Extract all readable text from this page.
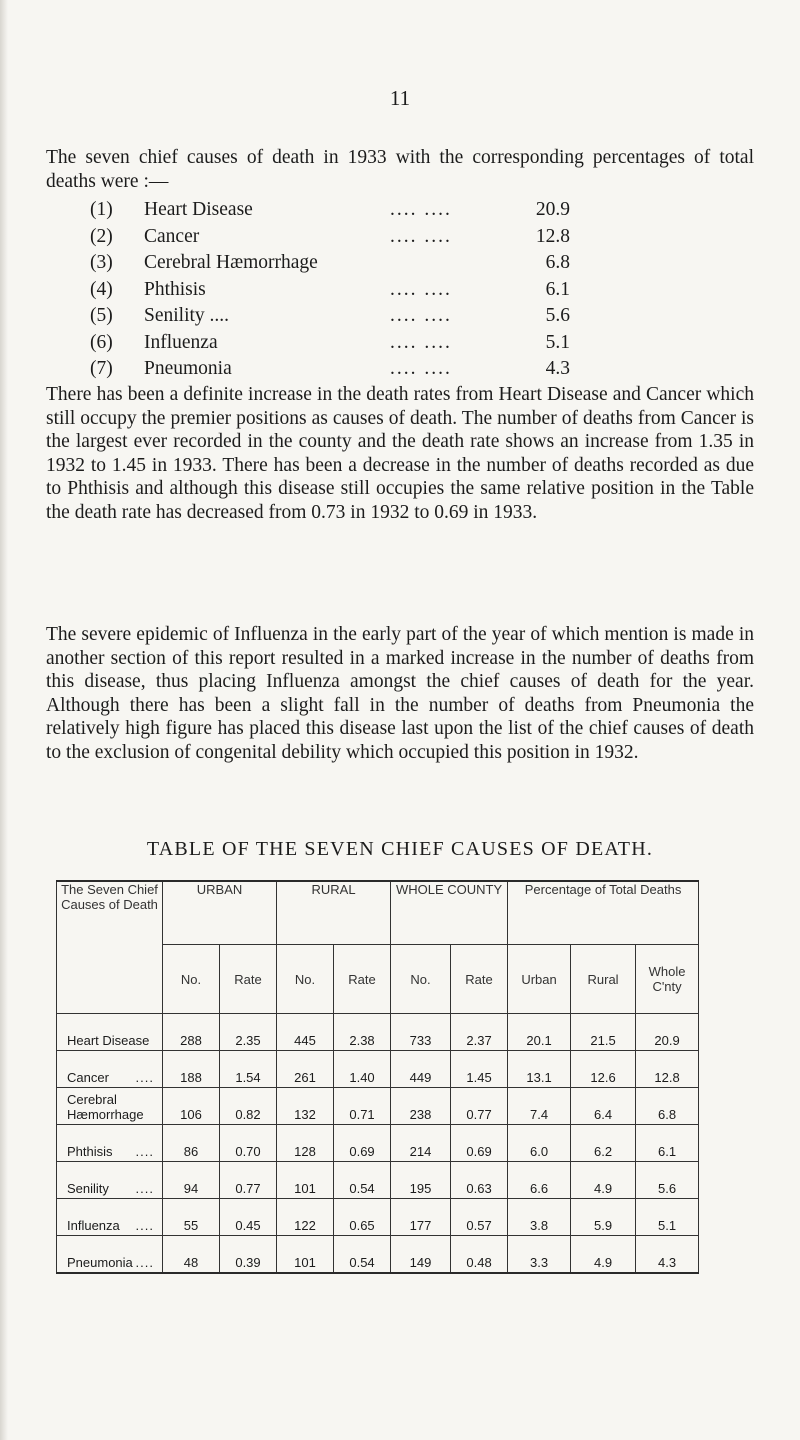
11

The seven chief causes of death in 1933 with the corresponding percentages of total deaths were :—

(1) Heart Disease	.... ....	20.9
(2) Cancer	.... ....	12.8
(3) Cerebral Hæmorrhage	6.8
(4) Phthisis	.... ....	6.1
(5) Senility ....	.... ....	5.6
(6) Influenza	.... ....	5.1
(7) Pneumonia	.... ....	4.3

There has been a definite increase in the death rates from Heart Disease and Cancer which still occupy the premier positions as causes of death. The number of deaths from Cancer is the largest ever recorded in the county and the death rate shows an increase from 1.35 in 1932 to 1.45 in 1933. There has been a decrease in the number of deaths recorded as due to Phthisis and although this disease still occupies the same relative position in the Table the death rate has decreased from 0.73 in 1932 to 0.69 in 1933.

The severe epidemic of Influenza in the early part of the year of which mention is made in another section of this report resulted in a marked increase in the number of deaths from this disease, thus placing Influenza amongst the chief causes of death for the year. Although there has been a slight fall in the number of deaths from Pneumonia the relatively high figure has placed this disease last upon the list of the chief causes of death to the exclusion of congenital debility which occupied this position in 1932.

TABLE OF THE SEVEN CHIEF CAUSES OF DEATH.
The Seven Chief Causes of Death	URBAN		RURAL		WHOLE COUNTY		Percentage of Total Deaths		
	No.	Rate	No.	Rate	No.	Rate	Urban	Rural	Whole C'nty
Heart Disease	288	2.35	445	2.38	733	2.37	20.1	21.5	20.9
Cancer ....	188	1.54	261	1.40	449	1.45	13.1	12.6	12.8
Cerebral Hæmorrhage	106	0.82	132	0.71	238	0.77	7.4	6.4	6.8
Phthisis ....	86	0.70	128	0.69	214	0.69	6.0	6.2	6.1
Senility ....	94	0.77	101	0.54	195	0.63	6.6	4.9	5.6
Influenza ....	55	0.45	122	0.65	177	0.57	3.8	5.9	5.1
Pneumonia ....	48	0.39	101	0.54	149	0.48	3.3	4.9	4.3
